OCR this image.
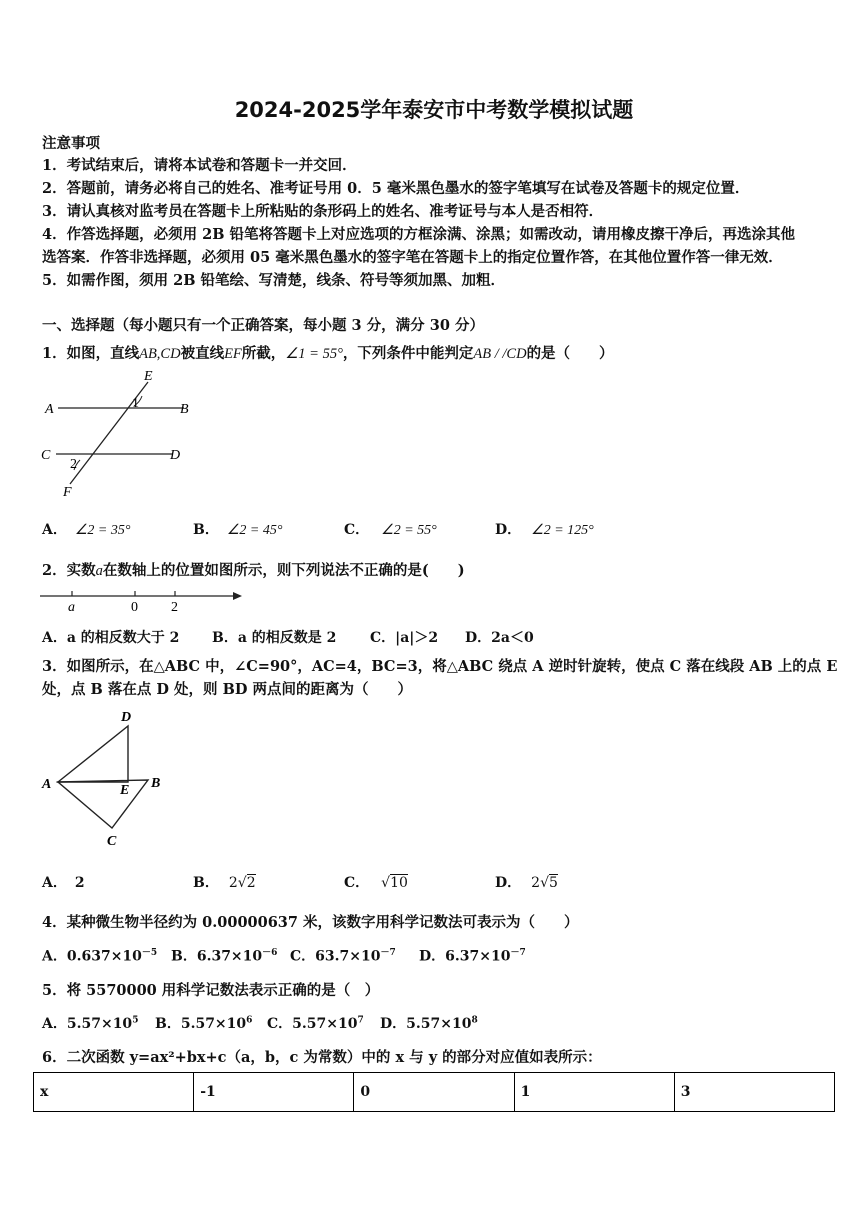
2024-2025学年泰安市中考数学模拟试题
注意事项
1．考试结束后，请将本试卷和答题卡一并交回．
2．答题前，请务必将自己的姓名、准考证号用 0．5 毫米黑色墨水的签字笔填写在试卷及答题卡的规定位置．
3．请认真核对监考员在答题卡上所粘贴的条形码上的姓名、准考证号与本人是否相符．
4．作答选择题，必须用 2B 铅笔将答题卡上对应选项的方框涂满、涂黑；如需改动，请用橡皮擦干净后，再选涂其他
选答案．作答非选择题，必须用 05 毫米黑色墨水的签字笔在答题卡上的指定位置作答，在其他位置作答一律无效．
5．如需作图，须用 2B 铅笔绘、写清楚，线条、符号等须加黑、加粗．
一、选择题（每小题只有一个正确答案，每小题 3 分，满分 30 分）
1．如图，直线AB,CD被直线EF所截，∠1 = 55°，下列条件中能判定AB / /CD的是（　　）
E
A	B
1
C	D
2
F
A． ∠2 = 35°	B． ∠2 = 45°	C． ∠2 = 55°	D． ∠2 = 125°
2．实数a在数轴上的位置如图所示，则下列说法不正确的是(　　)
a	0 2
A．a 的相反数大于 2 B．a 的相反数是 2 C．|a|＞2 D．2a＜0
3．如图所示，在△ABC 中，∠C=90°，AC=4，BC=3，将△ABC 绕点 A 逆时针旋转，使点 C 落在线段 AB 上的点 E
处，点 B 落在点 D 处，则 BD 两点间的距离为（　　）
D
A	E B
C
A． 2	B． 2√2	C． √10	D． 2√5
4．某种微生物半径约为 0.00000637 米，该数字用科学记数法可表示为（　　）
A．$0.637\times 10^{-5}$ B．$6.37\times 10^{-6}$ C．$63.7\times 10^{-7}$ D．$6.37\times 10^{-7}$
5．将 5570000 用科学记数法表示正确的是（　）
A．$5.57\times 10^5$ B．$5.57\times 10^6$ C．$5.57\times 10^7$ D．$5.57\times 10^8$
6．二次函数 y=ax²+bx+c（a，b，c 为常数）中的 x 与 y 的部分对应值如表所示：
x	-1	0	1	3
